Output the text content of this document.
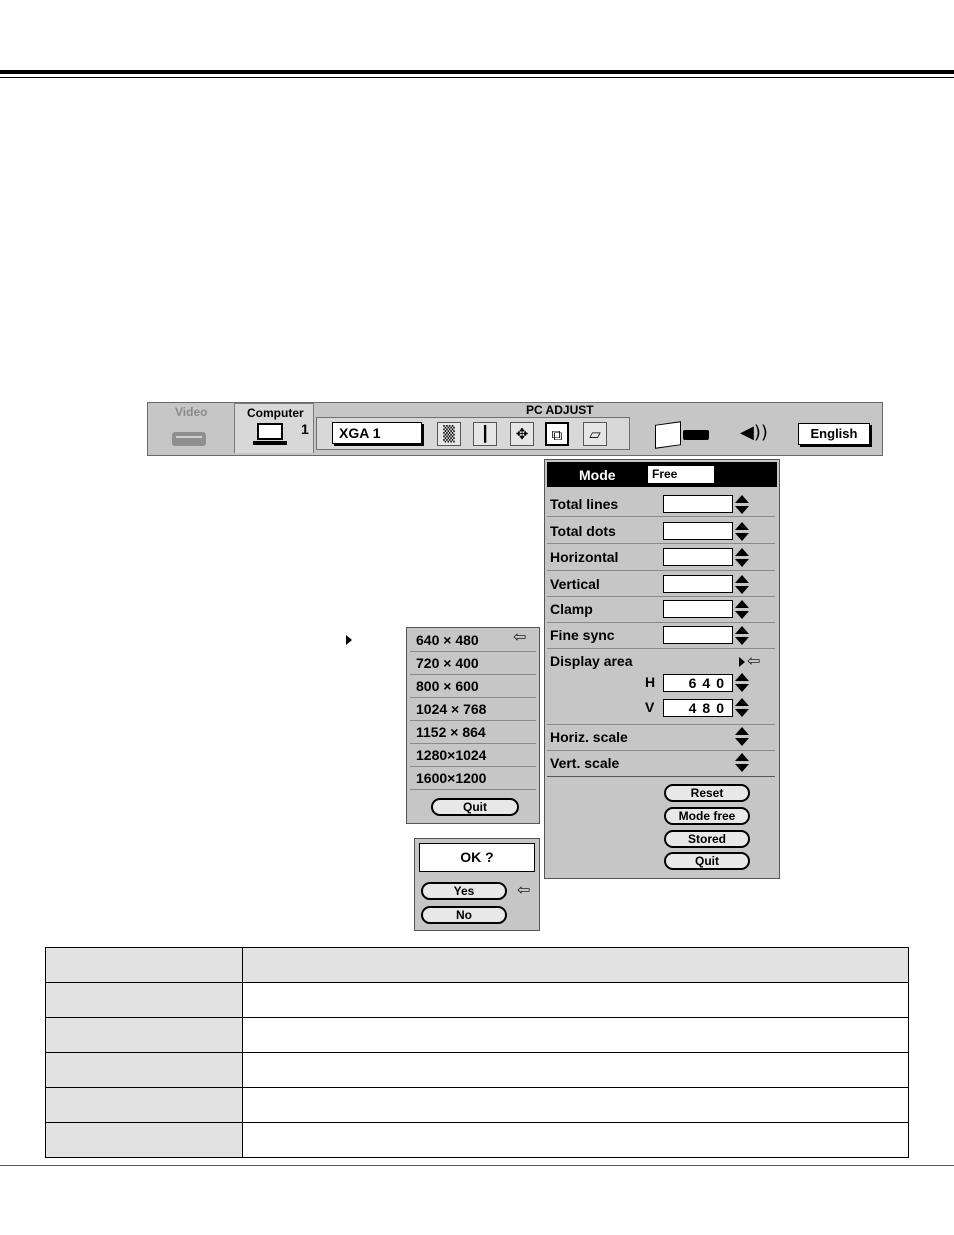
Video	Computer
1
PC ADJUST
XGA 1	▒	┃	✥	⧉	▱	◀))	English
Mode	Free
Total lines
Total dots
Horizontal
Vertical
Clamp
Fine sync
Display area	⇦
H	640
V	480
Horiz. scale
Vert. scale
Reset
Mode free
Stored
Quit
640 × 480	⇦
720 × 400
800 × 600
1024 × 768
1152 × 864
1280×1024
1600×1200
Quit
OK ?
Yes	⇦
No
